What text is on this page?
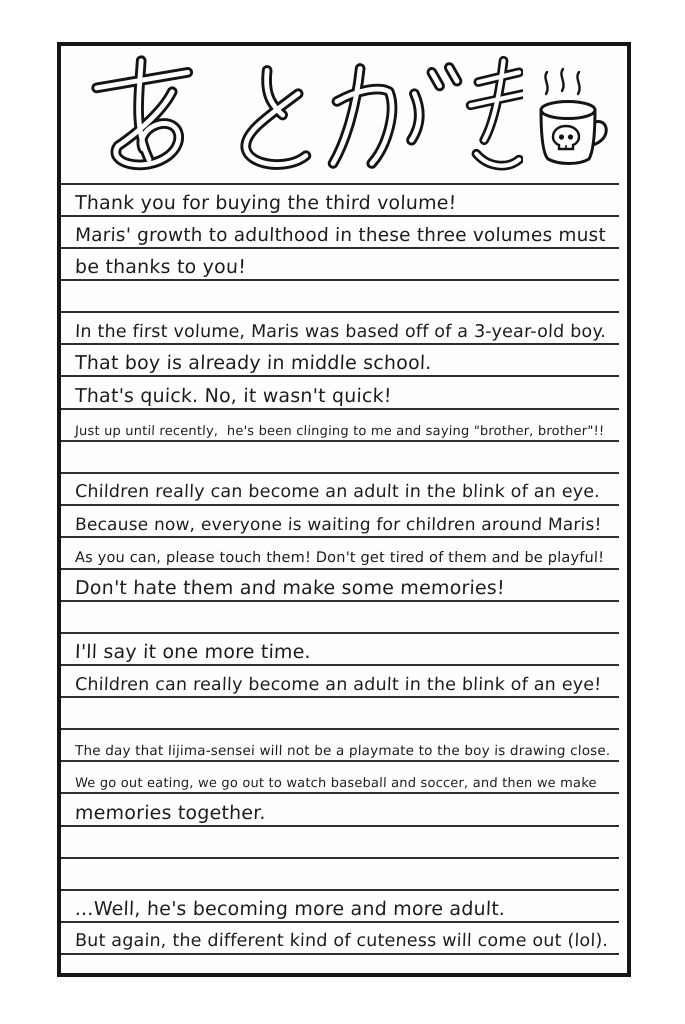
Thank you for buying the third volume!
Maris' growth to adulthood in these three volumes must
be thanks to you!
In the first volume, Maris was based off of a 3-year-old boy.
That boy is already in middle school.
That's quick. No, it wasn't quick!
Just up until recently,  he's been clinging to me and saying "brother, brother"!!
Children really can become an adult in the blink of an eye.
Because now, everyone is waiting for children around Maris!
As you can, please touch them! Don't get tired of them and be playful!
Don't hate them and make some memories!
I'll say it one more time.
Children can really become an adult in the blink of an eye!
The day that Iijima-sensei will not be a playmate to the boy is drawing close.
We go out eating, we go out to watch baseball and soccer, and then we make
memories together.
...Well, he's becoming more and more adult.
But again, the different kind of cuteness will come out (lol).
